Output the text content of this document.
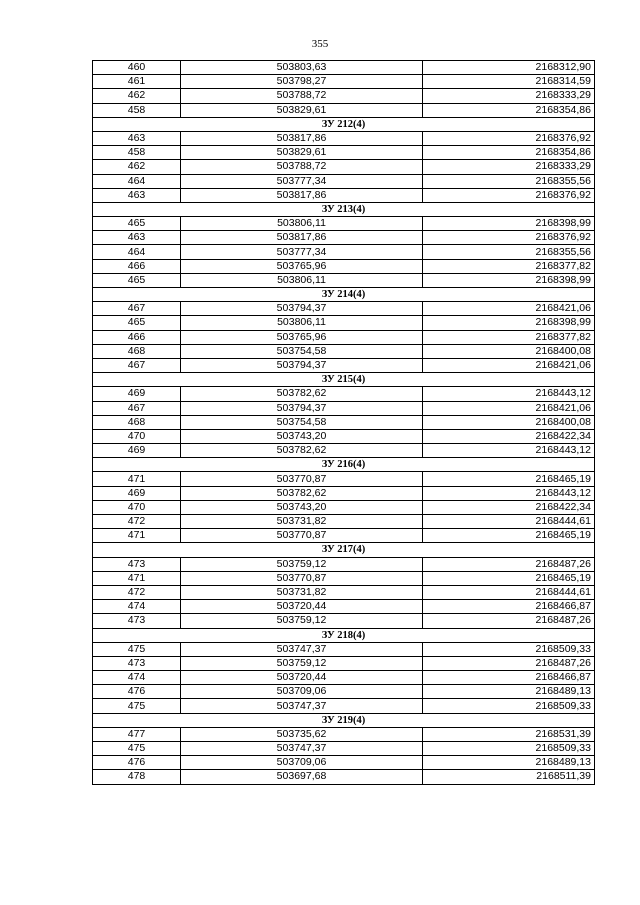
355
460	503803,63	2168312,90
461	503798,27	2168314,59
462	503788,72	2168333,29
458	503829,61	2168354,86
ЗУ 212(4)		
463	503817,86	2168376,92
458	503829,61	2168354,86
462	503788,72	2168333,29
464	503777,34	2168355,56
463	503817,86	2168376,92
ЗУ 213(4)		
465	503806,11	2168398,99
463	503817,86	2168376,92
464	503777,34	2168355,56
466	503765,96	2168377,82
465	503806,11	2168398,99
ЗУ 214(4)		
467	503794,37	2168421,06
465	503806,11	2168398,99
466	503765,96	2168377,82
468	503754,58	2168400,08
467	503794,37	2168421,06
ЗУ 215(4)		
469	503782,62	2168443,12
467	503794,37	2168421,06
468	503754,58	2168400,08
470	503743,20	2168422,34
469	503782,62	2168443,12
ЗУ 216(4)		
471	503770,87	2168465,19
469	503782,62	2168443,12
470	503743,20	2168422,34
472	503731,82	2168444,61
471	503770,87	2168465,19
ЗУ 217(4)		
473	503759,12	2168487,26
471	503770,87	2168465,19
472	503731,82	2168444,61
474	503720,44	2168466,87
473	503759,12	2168487,26
ЗУ 218(4)		
475	503747,37	2168509,33
473	503759,12	2168487,26
474	503720,44	2168466,87
476	503709,06	2168489,13
475	503747,37	2168509,33
ЗУ 219(4)		
477	503735,62	2168531,39
475	503747,37	2168509,33
476	503709,06	2168489,13
478	503697,68	2168511,39
